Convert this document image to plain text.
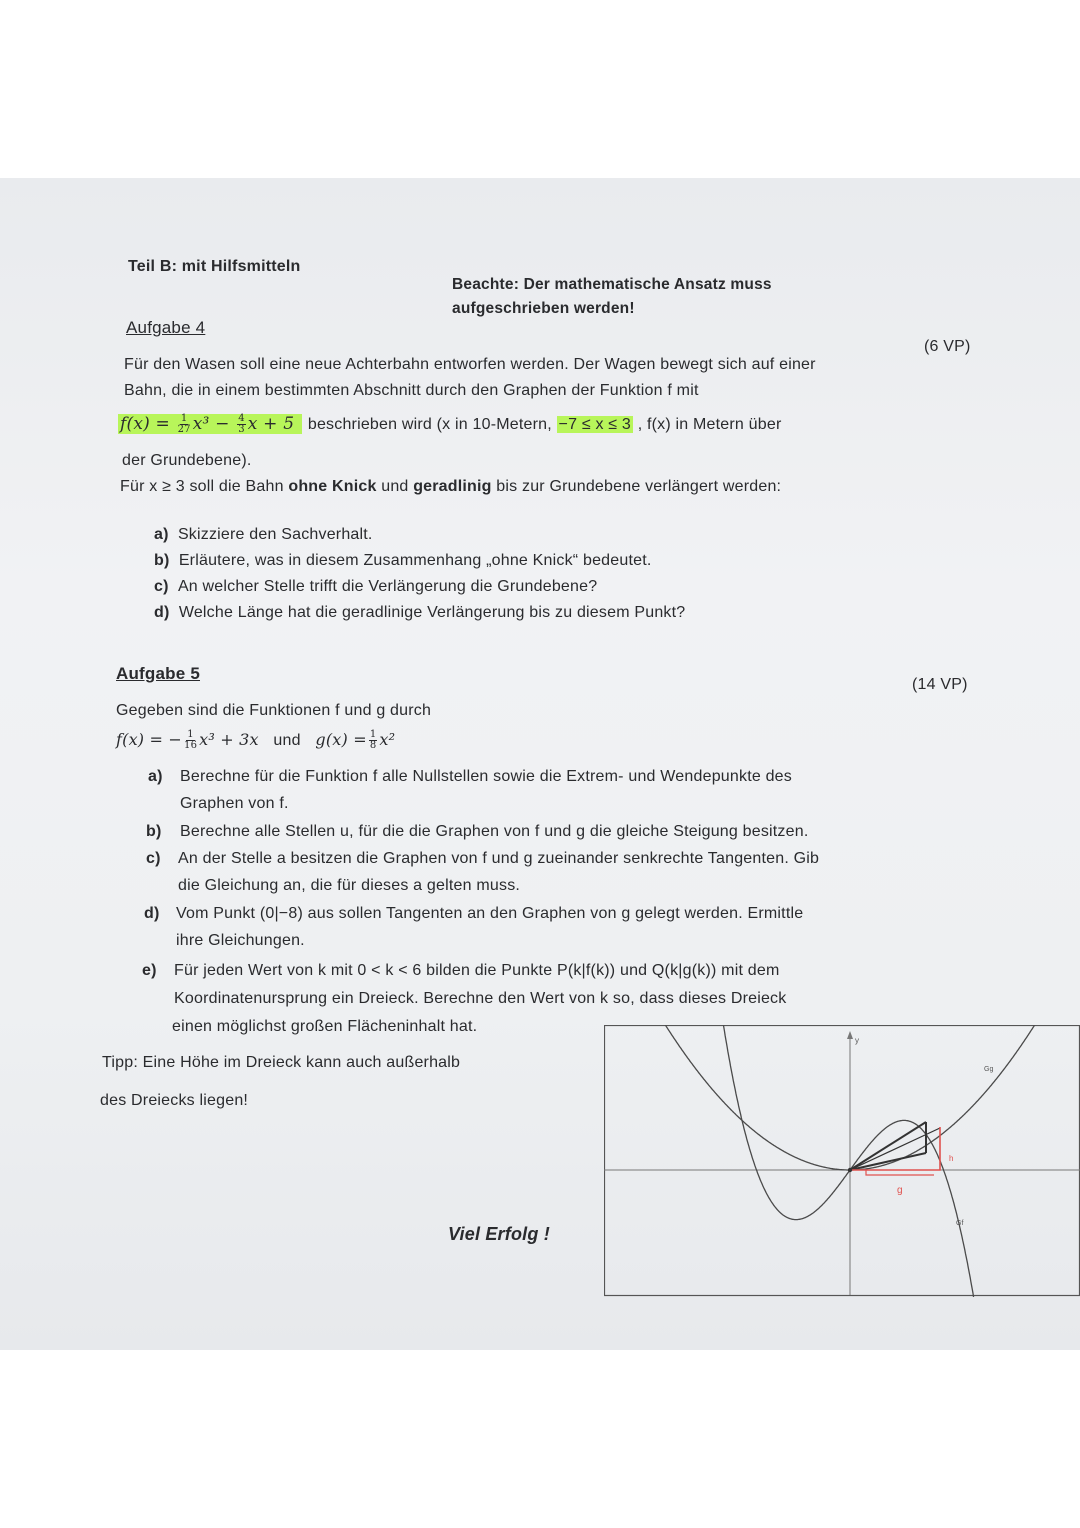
Teil B: mit Hilfsmitteln
Beachte: Der mathematische Ansatz muss
aufgeschrieben werden!
Aufgabe 4
(6 VP)
Für den Wasen soll eine neue Achterbahn entworfen werden. Der Wagen bewegt sich auf einer
Bahn, die in einem bestimmten Abschnitt durch den Graphen der Funktion f mit
$f(x) = \frac{1}{27} x^3 - \frac{4}{3}$ x + 5 beschrieben wird (x in 10-Metern, −7 ≤ x ≤ 3 , f(x) in Metern über
der Grundebene).
Für x ≥ 3 soll die Bahn ohne Knick und geradlinig bis zur Grundebene verlängert werden:
a) Skizziere den Sachverhalt.
b) Erläutere, was in diesem Zusammenhang „ohne Knick“ bedeutet.
c) An welcher Stelle trifft die Verlängerung die Grundebene?
d) Welche Länge hat die geradlinige Verlängerung bis zu diesem Punkt?
Aufgabe 5
(14 VP)
Gegeben sind die Funktionen f und g durch
f(x) = − $\frac{1}{16} x^3 + 3x$ und $g(x) = \frac{1}{8} x^2$
a) Berechne für die Funktion f alle Nullstellen sowie die Extrem- und Wendepunkte des
Graphen von f.
b) Berechne alle Stellen u, für die die Graphen von f und g die gleiche Steigung besitzen.
c) An der Stelle a besitzen die Graphen von f und g zueinander senkrechte Tangenten. Gib
die Gleichung an, die für dieses a gelten muss.
d) Vom Punkt (0|−8) aus sollen Tangenten an den Graphen von g gelegt werden. Ermittle
ihre Gleichungen.
e) Für jeden Wert von k mit 0 < k < 6 bilden die Punkte P(k|f(k)) und Q(k|g(k)) mit dem
Koordinatenursprung ein Dreieck. Berechne den Wert von k so, dass dieses Dreieck
einen möglichst großen Flächeninhalt hat.
Tipp: Eine Höhe im Dreieck kann auch außerhalb
des Dreiecks liegen!
Viel Erfolg !
y
g
h
Gg
Gf
